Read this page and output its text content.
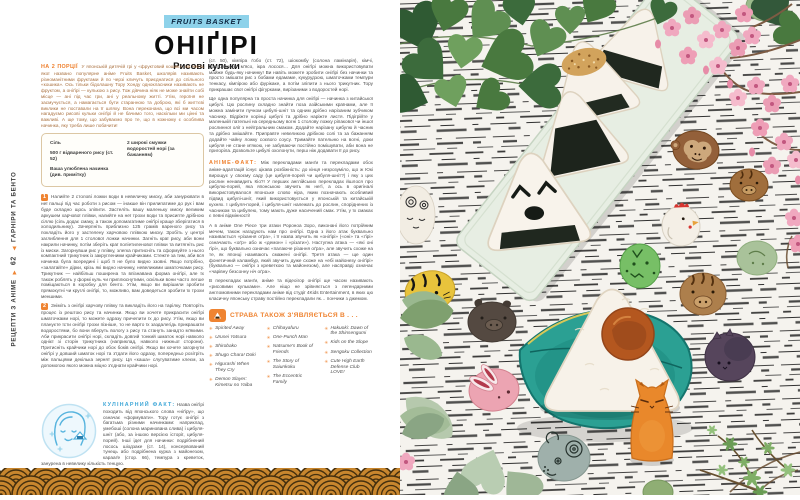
РЕЦЕПТИ З АНІМЕ
62
ГАРНІРИ ТА БЕНТО
FRUITS BASKET
ОНІҐІРІ
Рисові кульки

НА 2 ПОРЦІЇ У японській дитячій грі у «фруктовий кошик», на честь якої названо популярне аніме Fruits Basket, школярів називають різноманітними фруктами й по черзі кличуть приєднатися до спільного «кошика». Ось тільки бідолашну Тору Хонду однокласники називають не фруктом, а оніґірі — кулькою з рису. Тож дівчина ніяк не може знайти собі місце — ані під час гри, ані у реальному житті. Утім, героїня не засмучується, а намагається бути старанною та доброю, які б життєві виклики не поставали на її шляху. Вона переконана, що всі ми часом нагадуємо рисові кульки оніґірі й не бачимо того, наскільки ми цінні та важливі. А ще тому, що забуваємо про те, що в кожному є особлива начинка, яку треба лише побачити!

Сіль
500 г відвареного рису (ст. 52)
Ваша улюблена начинка (див. примітку)
2 широкі смужки водоростей норі (за бажанням)

1 Налийте 2 столові ложки води в невеличку миску, аби занурювати в неї пальці під час роботи з рисом — інакше він прилипатиме до рук і вам буде складно щось зліпити. Застеліть вашу маленьку миску великим аркушем харчової плівки, налийте на неї трохи води та присипте дрібною сіллю (сіль додає смаку, а також допомагатиме оніґірі краще зберігатися в холодильнику). Зачерпніть приблизно 125 грамів вареного рису та покладіть його у застелену харчовою плівкою миску. Зробіть у центрі заглиблення для 1 столової ложки начинки. Загніть краї рису, аби вони накрили начинку, потім зберіть краї поліетиленової плівки та витягніть рис із миски. Загорнувши рис у плівку, злегка притисніть та сформуйте з нього компактний трикутник із закругленими крайчиками. Стежте за тим, аби вся начинка була всередині і щоб її не було видно ззовні. Якщо потрібно, «залатайте» дірки, крізь які видно начинку, невеликими шматочками рису. Трикутник — найбільш поширена та впізнавана форма оніґірі, але їх також роблять у формі куль чи приплюснутими, оскільки вони часто легше поміщаються в коробку для бенто. Утім, якщо ви вирішили зробити прямокутні чи круглі оніґірі, то, можливо, вам доведеться зробити їх трохи меншими.

2 Зніміть з оніґірі харчову плівку та викладіть його на тарілку. Повторіть процес із рештою рису та начинки. Якщо ви хочете прикрасити оніґірі шматочками норі, то можете одразу причепити їх до рису. Утім, якщо ви плануєте їсти оніґірі трохи пізніше, то не варто їх заздалегідь прикрашати водоростями, бо вони вберуть вологу з рису та стануть занадто м'якими. Аби прикрасити оніґірі норі, складіть довгий тонкий шматок норі навколо однієї зі сторін трикутника (наприклад, навколо нижньої сторони). Притисніть крайчики норі до обох боків оніґірі. Якщо ви хочете загорнути оніґірі у довший шматок норі та з'їдати його одразу, попередньо розітріть між пальцями декілька зернят рису. Ця «каша» слугуватиме клеєм, за допомогою якого можна міцно з'єднати крайчики норі.

КУЛІНАРНИЙ ФАКТ: Назва оніґірі походить від японського слова «ніґіру», що означає «формувати». Тору готує оніґірі з багатьма різними начинками: наприклад, умебоші (солона маринована слива) і цибуля-шніт (або, за іншою версією історії, цибуля-порей). Інші ідеї для начинки: подрібнений лосось шіодзаке (ст. 14), консервований тунець або подрібнена курка з майонезом, карааґе (стор. 66), темпура з креветок, занурена в невелику кількість тенцую.

(ст. 50), кімпіра ґобо (ст. 72), шіокомбу (солона ламінарія), кімчі, приправлене м'ясо, ікра лосося… Для оніґірі можна використовувати майже будь-яку начинку! Ви навіть можете зробити оніґірі без начинки та просто змішати рис з бобами едамаме, кукурудзою, шматочками темпури тенкасу, кімпірою або фурікаке, а потім зліпити з нього трикутник. Тору прикрашає свої оніґірі фігурками, вирізаними з водоростей норі.

Ще одна популярна та проста начинка для оніґірі — начинка з китайської цибулі. Цю рослину складно знайти поза азійськими країнами, але її можна замінити пучком цибулі-шніт та одним дрібно нарізаним зубчиком часнику. Відріжте корінці цибулі та дрібно наріжте листя. Підігрійте у маленькій пательні на середньому вогні 1 столову ложку ріпакової чи іншої рослинної олії з нейтральним смаком. Додайте нарізану цибулю й часник та дрібно змішайте. Приправте невеликою дрібкою солі та за бажанням додайте чайну ложку соєвого соусу. Тримайте пательню на вогні, доки цибуля не стане м'якою, не забуваючи постійно помішувати, аби вона не пригоріла. Дозвольте цибулі охолонути, перш ніж додавати її до рису.

АНІМЕ-ФАКТ: Між перекладами манґи та перекладами обох аніме-адаптацій існує цікава розбіжність: до кінця незрозуміло, що ж Юкі вирощує у своєму саду (це цибуля-порей чи цибуля-шніт?) і яку з цих рослин ненавидить Кіо?! У перших англійських перекладах йшлося про цибулю-порей, яка японською звучить як неґі, а ось в оригіналі використовувалося японське слово ніра, яким позначають особливий підвид цибулі-шніт, який використовується у японській та китайській кухнях. І цибуля-порей, і цибуля-шніт належать до рослин, споріднених із часником та цибулею, тому мають дуже насичений смак. Утім, у їх смаках є певні відмінності!

А в аніме One Piece три атаки Ророноа Зоро, виконані його потрійним мечем, також нагадують нам про оніґірі. Одна з його атак буквально називається «різання оґра», і її назва звучить як «оніґірі» («оні» та «ґірі» означають «оґр» або ж «демон» і «різати»). Наступна атака — «які оні ґірі», що буквально означає «палаюче різання оґра», але звучить схоже на те, як японці називають смажені оніґірі. Третя атака — ще один фонетичний каламбур, який звучить дуже схоже на «ебі майонезу оніґірі» (буквально — оніґірі з креветкою та майонезом), але насправді означає «чарівну безсонну ніч оґра».

В перекладах манґи, аніме та відеоігор оніґірі ще часом називають «рисовими кульками». Але ніщо не зрівняється з легендарними англомовними перекладами аніме від студії 4Kids Entertainment, в яких цю класичну японську страву постійно перекладали як… пончики з джемом.

СТРАВА ТАКОЖ З'ЯВЛЯЄТЬСЯ В . . .
✳ Spirited Away
✳ Urusei Yatsura
✳ Shirobako
✳ Shugo Chara! Doki
✳ Higurashi When They Cry
✳ Demon Slayer: Kimetsu no Yaiba
✳ Chihayafuru
✳ One-Punch Man
✳ Natsume's Book of Friends
✳ The Story of Saiunkoku
✳ The Eccentric Family
✳ Hakuoki: Dawn of the Shinsengumi
✳ Kids on the Slope
✳ Sengoku Collection
✳ Cute High Earth Defense Club LOVE!
